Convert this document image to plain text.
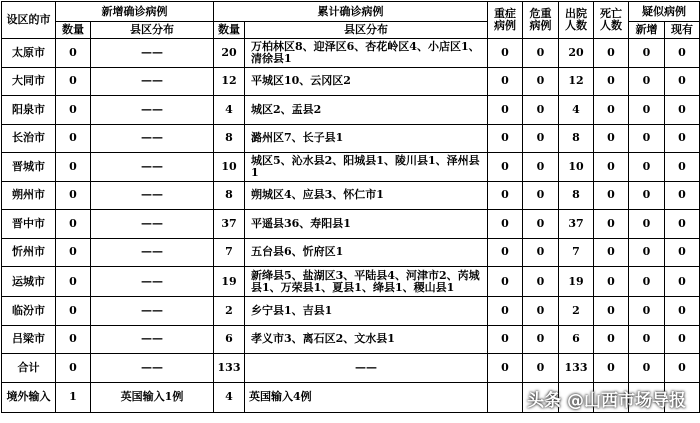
设区的市	新增确诊病例		累计确诊病例		重症病例	危重病例	出院人数	死亡人数	疑似病例	
	数量	县区分布	数量	县区分布					新增	现有
太原市	0	——	20	万柏林区8、迎泽区6、杏花岭区4、小店区1、清徐县1	0	0	20	0	0	0
大同市	0	——	12	平城区10、云冈区2	0	0	12	0	0	0
阳泉市	0	——	4	城区2、盂县2	0	0	4	0	0	0
长治市	0	——	8	潞州区7、长子县1	0	0	8	0	0	0
晋城市	0	——	10	城区5、沁水县2、阳城县1、陵川县1、泽州县1	0	0	10	0	0	0
朔州市	0	——	8	朔城区4、应县3、怀仁市1	0	0	8	0	0	0
晋中市	0	——	37	平遥县36、寿阳县1	0	0	37	0	0	0
忻州市	0	——	7	五台县6、忻府区1	0	0	7	0	0	0
运城市	0	——	19	新绛县5、盐湖区3、平陆县4、河津市2、芮城县1、万荣县1、夏县1、绛县1、稷山县1	0	0	19	0	0	0
临汾市	0	——	2	乡宁县1、吉县1	0	0	2	0	0	0
吕梁市	0	——	6	孝义市3、离石区2、文水县1	0	0	6	0	0	0
合计	0	——	133	——	0	0	133	0	0	0
境外输入	1	英国输入1例	4	英国输入4例							头条 @山西市场导报
